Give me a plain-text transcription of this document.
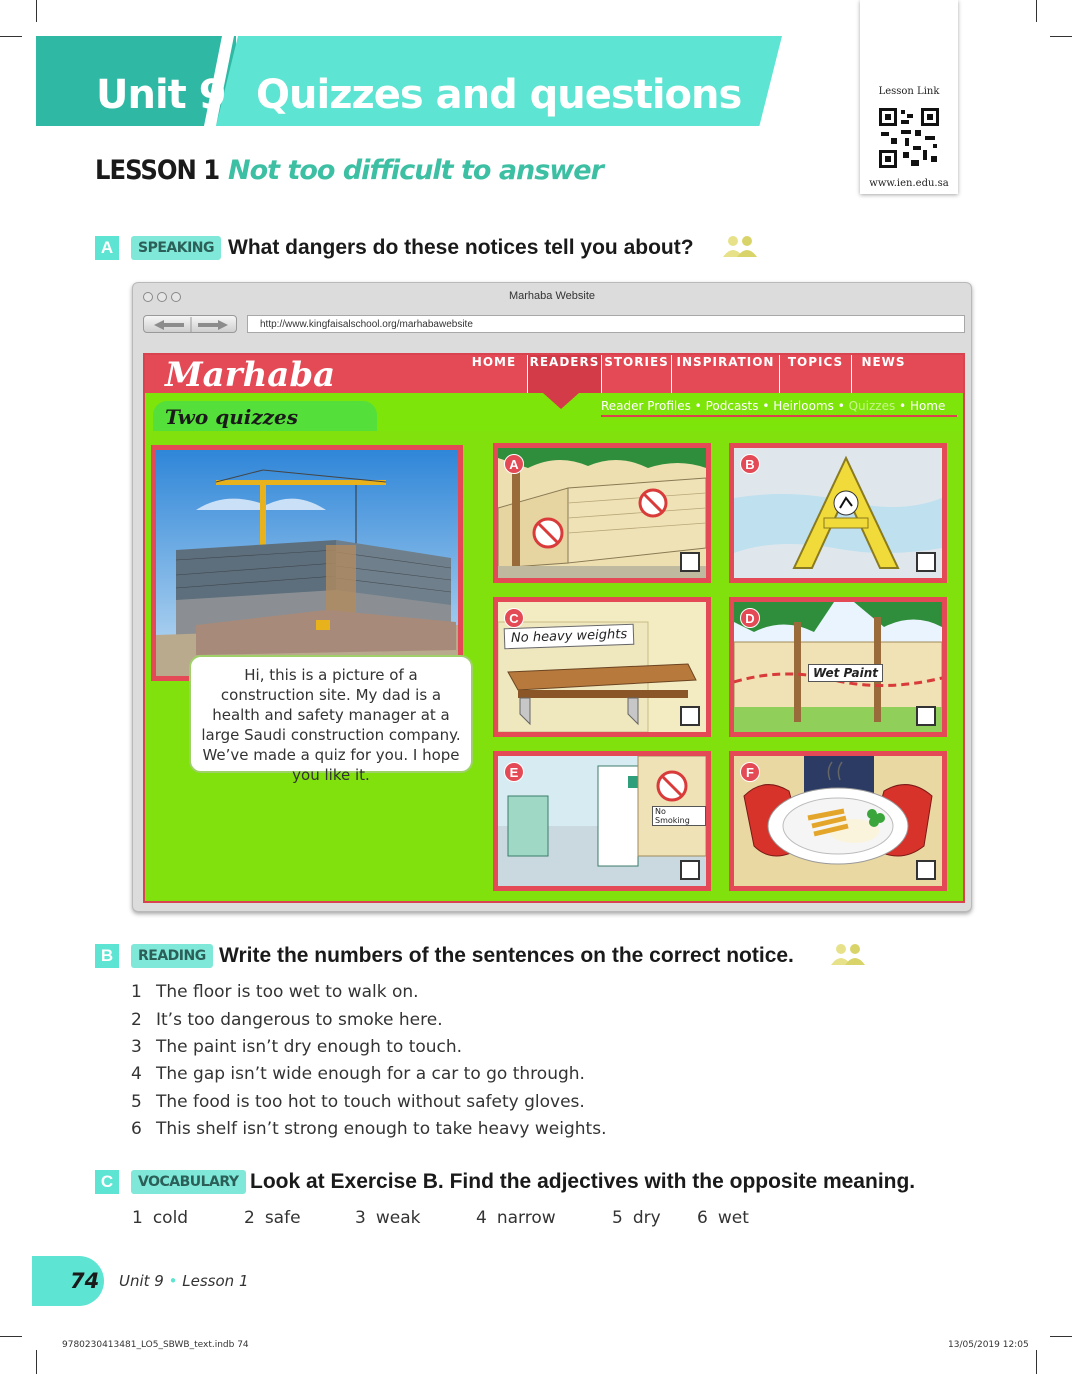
Unit 9 Quizzes and questions	Lesson Link
www.ien.edu.sa
LESSON 1 Not too difficult to answer
A	SPEAKING What dangers do these notices tell you about?
Marhaba Website
http://www.kingfaisalschool.org/marhabawebsite
Marhaba	HOME	READERS STORIES INSPIRATION	TOPICS	NEWS
Reader Profiles • Podcasts • Heirlooms • Quizzes • Home
Two quizzes
Hi, this is a picture of a construction site. My dad is a health and safety manager at a large Saudi construction company. We’ve made a quiz for you. I hope you like it.
A	B
C
No heavy weights
D
Wet Paint
E
No Smoking
F
B	READING Write the numbers of the sentences on the correct notice.
1 The floor is too wet to walk on.
2 It’s too dangerous to smoke here.
3 The paint isn’t dry enough to touch.
4 The gap isn’t wide enough for a car to go through.
5 The food is too hot to touch without safety gloves.
6 This shelf isn’t strong enough to take heavy weights.
C	VOCABULARY Look at Exercise B. Find the adjectives with the opposite meaning.
1 cold	2 safe	3 weak	4 narrow	5 dry 6 wet
74 Unit 9 • Lesson 1
9780230413481_LO5_SBWB_text.indb 74	13/05/2019 12:05
